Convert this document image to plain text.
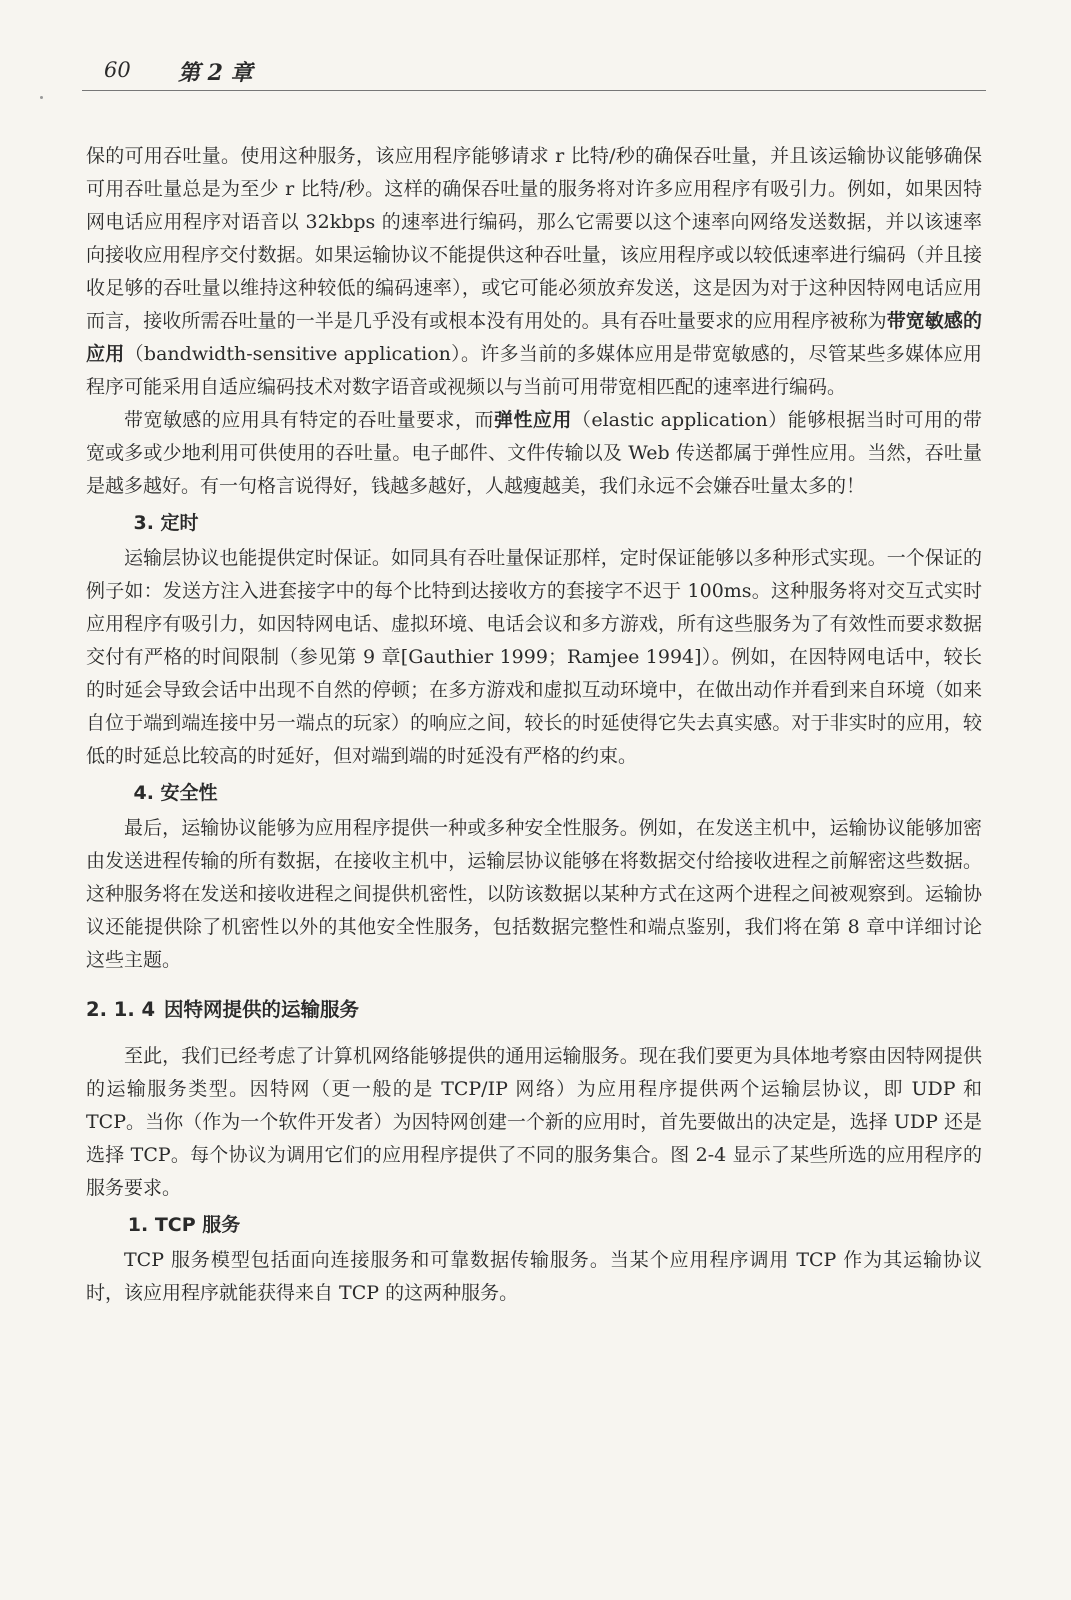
60 第 2 章

保的可用吞吐量。使用这种服务，该应用程序能够请求 r 比特/秒的确保吞吐量，并且该运输协议能够确保可用吞吐量总是为至少 r 比特/秒。这样的确保吞吐量的服务将对许多应用程序有吸引力。例如，如果因特网电话应用程序对语音以 32kbps 的速率进行编码，那么它需要以这个速率向网络发送数据，并以该速率向接收应用程序交付数据。如果运输协议不能提供这种吞吐量，该应用程序或以较低速率进行编码（并且接收足够的吞吐量以维持这种较低的编码速率），或它可能必须放弃发送，这是因为对于这种因特网电话应用而言，接收所需吞吐量的一半是几乎没有或根本没有用处的。具有吞吐量要求的应用程序被称为带宽敏感的应用（bandwidth-sensitive application）。许多当前的多媒体应用是带宽敏感的，尽管某些多媒体应用程序可能采用自适应编码技术对数字语音或视频以与当前可用带宽相匹配的速率进行编码。

带宽敏感的应用具有特定的吞吐量要求，而弹性应用（elastic application）能够根据当时可用的带宽或多或少地利用可供使用的吞吐量。电子邮件、文件传输以及 Web 传送都属于弹性应用。当然，吞吐量是越多越好。有一句格言说得好，钱越多越好，人越瘦越美，我们永远不会嫌吞吐量太多的！

3. 定时

运输层协议也能提供定时保证。如同具有吞吐量保证那样，定时保证能够以多种形式实现。一个保证的例子如：发送方注入进套接字中的每个比特到达接收方的套接字不迟于 100ms。这种服务将对交互式实时应用程序有吸引力，如因特网电话、虚拟环境、电话会议和多方游戏，所有这些服务为了有效性而要求数据交付有严格的时间限制（参见第 9 章[Gauthier 1999；Ramjee 1994]）。例如，在因特网电话中，较长的时延会导致会话中出现不自然的停顿；在多方游戏和虚拟互动环境中，在做出动作并看到来自环境（如来自位于端到端连接中另一端点的玩家）的响应之间，较长的时延使得它失去真实感。对于非实时的应用，较低的时延总比较高的时延好，但对端到端的时延没有严格的约束。

4. 安全性

最后，运输协议能够为应用程序提供一种或多种安全性服务。例如，在发送主机中，运输协议能够加密由发送进程传输的所有数据，在接收主机中，运输层协议能够在将数据交付给接收进程之前解密这些数据。这种服务将在发送和接收进程之间提供机密性，以防该数据以某种方式在这两个进程之间被观察到。运输协议还能提供除了机密性以外的其他安全性服务，包括数据完整性和端点鉴别，我们将在第 8 章中详细讨论这些主题。

2. 1. 4 因特网提供的运输服务

至此，我们已经考虑了计算机网络能够提供的通用运输服务。现在我们要更为具体地考察由因特网提供的运输服务类型。因特网（更一般的是 TCP/IP 网络）为应用程序提供两个运输层协议，即 UDP 和 TCP。当你（作为一个软件开发者）为因特网创建一个新的应用时，首先要做出的决定是，选择 UDP 还是选择 TCP。每个协议为调用它们的应用程序提供了不同的服务集合。图 2-4 显示了某些所选的应用程序的服务要求。

1. TCP 服务

TCP 服务模型包括面向连接服务和可靠数据传输服务。当某个应用程序调用 TCP 作为其运输协议时，该应用程序就能获得来自 TCP 的这两种服务。
